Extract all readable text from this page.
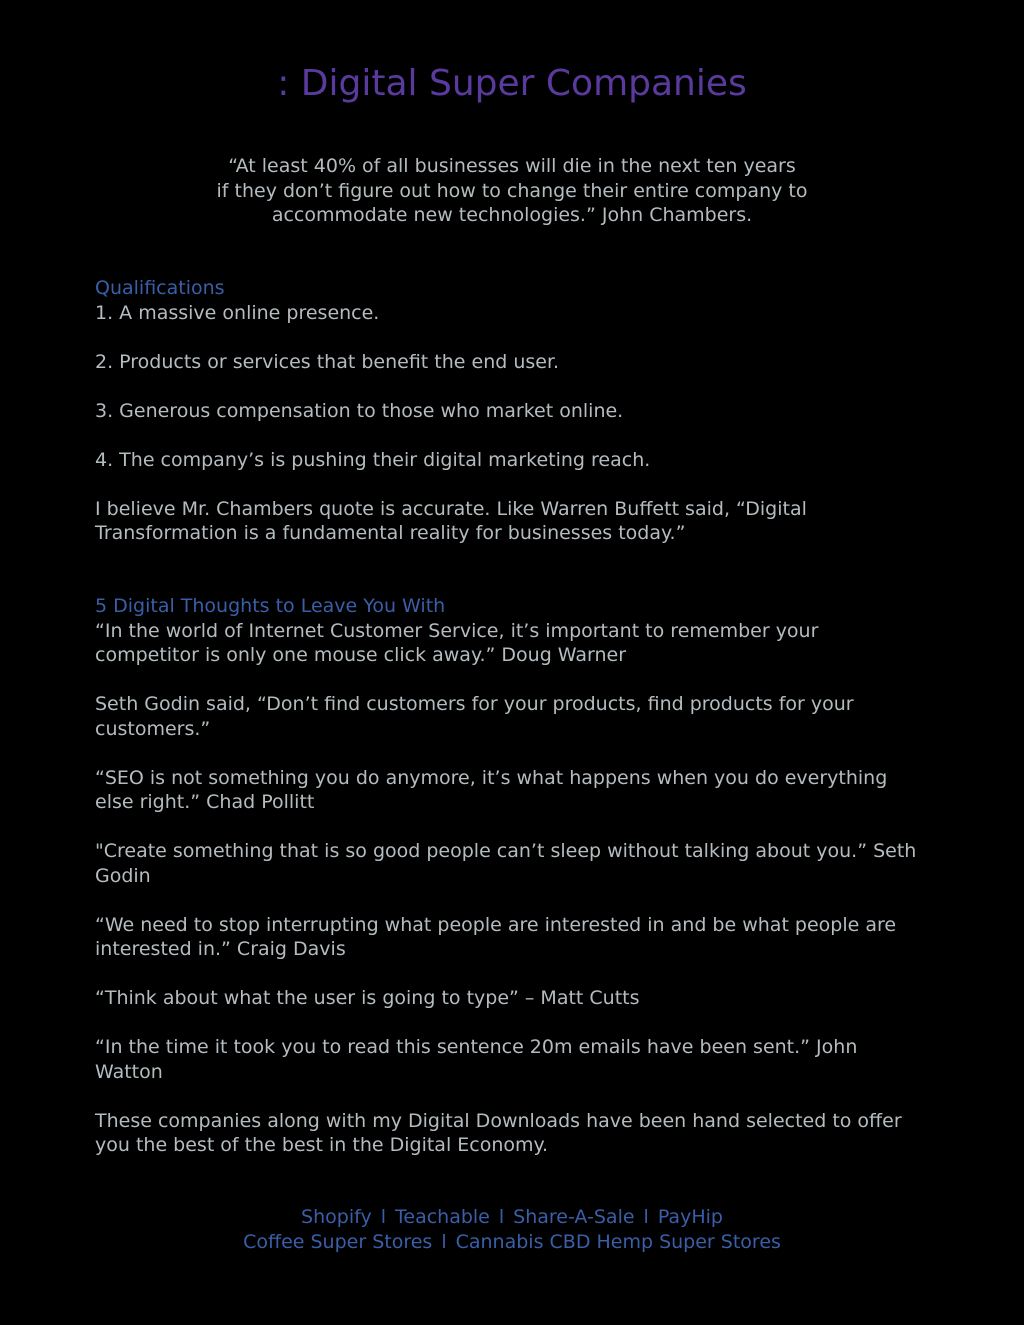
: Digital Super Companies
“At least 40% of all businesses will die in the next ten years
if they don’t figure out how to change their entire company to
accommodate new technologies.” John Chambers.
Qualifications
1. A massive online presence.
2. Products or services that benefit the end user.
3. Generous compensation to those who market online.
4. The company’s is pushing their digital marketing reach.
I believe Mr. Chambers quote is accurate. Like Warren Buffett said, “Digital Transformation is a fundamental reality for businesses today.”
5 Digital Thoughts to Leave You With
“In the world of Internet Customer Service, it’s important to remember your competitor is only one mouse click away.” Doug Warner
Seth Godin said, “Don’t find customers for your products, find products for your customers.”
“SEO is not something you do anymore, it’s what happens when you do everything else right.” Chad Pollitt
"Create something that is so good people can’t sleep without talking about you.” Seth Godin
“We need to stop interrupting what people are interested in and be what people are interested in.” Craig Davis
“Think about what the user is going to type” – Matt Cutts
“In the time it took you to read this sentence 20m emails have been sent.” John Watton
These companies along with my Digital Downloads have been hand selected to offer you the best of the best in the Digital Economy.
Shopify l Teachable l Share-A-Sale l PayHip
Coffee Super Stores l Cannabis CBD Hemp Super Stores
